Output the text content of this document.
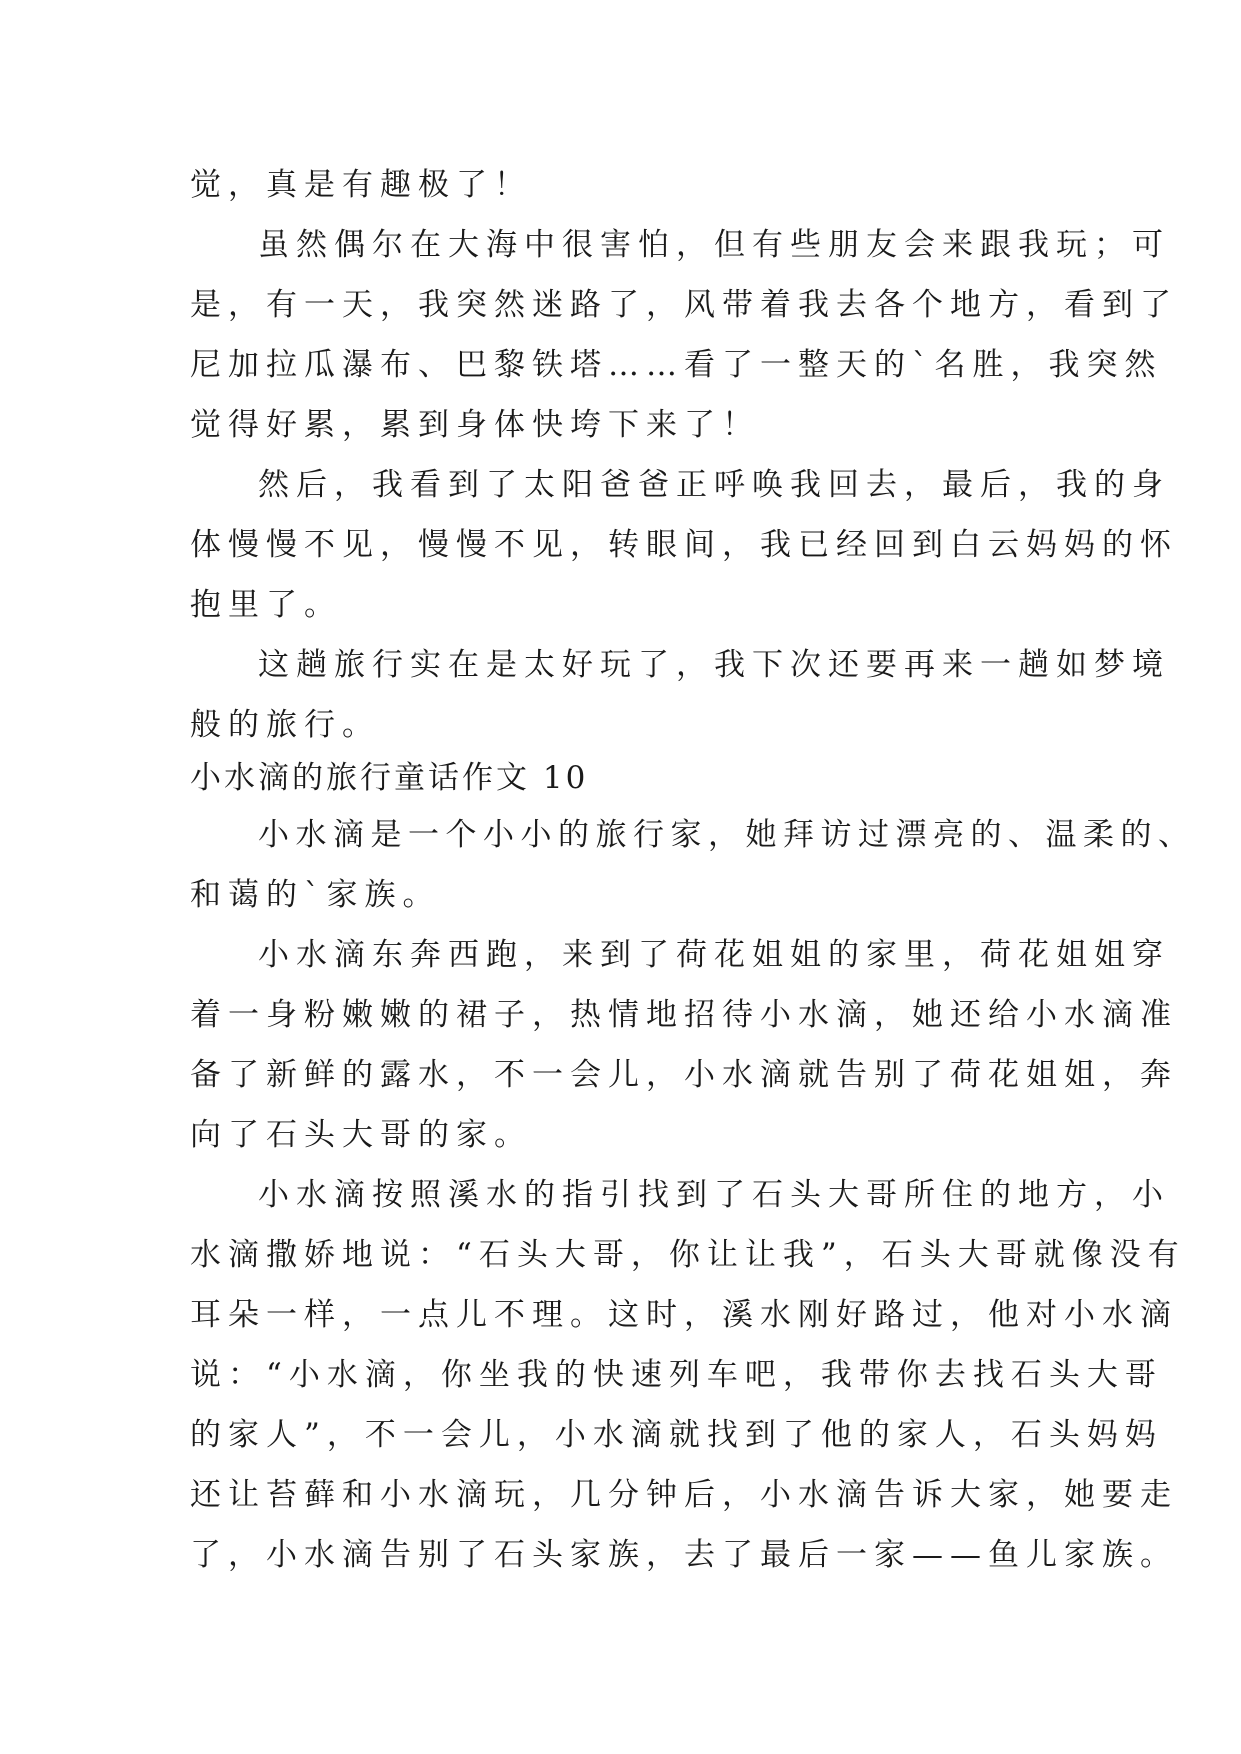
觉，真是有趣极了！
虽然偶尔在大海中很害怕，但有些朋友会来跟我玩；可
是，有一天，我突然迷路了，风带着我去各个地方，看到了
尼加拉瓜瀑布、巴黎铁塔……看了一整天的`名胜，我突然
觉得好累，累到身体快垮下来了！
然后，我看到了太阳爸爸正呼唤我回去，最后，我的身
体慢慢不见，慢慢不见，转眼间，我已经回到白云妈妈的怀
抱里了。
这趟旅行实在是太好玩了，我下次还要再来一趟如梦境
般的旅行。
小水滴的旅行童话作文 10
小水滴是一个小小的旅行家，她拜访过漂亮的、温柔的、
和蔼的`家族。
小水滴东奔西跑，来到了荷花姐姐的家里，荷花姐姐穿
着一身粉嫩嫩的裙子，热情地招待小水滴，她还给小水滴准
备了新鲜的露水，不一会儿，小水滴就告别了荷花姐姐，奔
向了石头大哥的家。
小水滴按照溪水的指引找到了石头大哥所住的地方，小
水滴撒娇地说：“石头大哥，你让让我”，石头大哥就像没有
耳朵一样，一点儿不理。这时，溪水刚好路过，他对小水滴
说：“小水滴，你坐我的快速列车吧，我带你去找石头大哥
的家人”，不一会儿，小水滴就找到了他的家人，石头妈妈
还让苔藓和小水滴玩，几分钟后，小水滴告诉大家，她要走
了，小水滴告别了石头家族，去了最后一家——鱼儿家族。
